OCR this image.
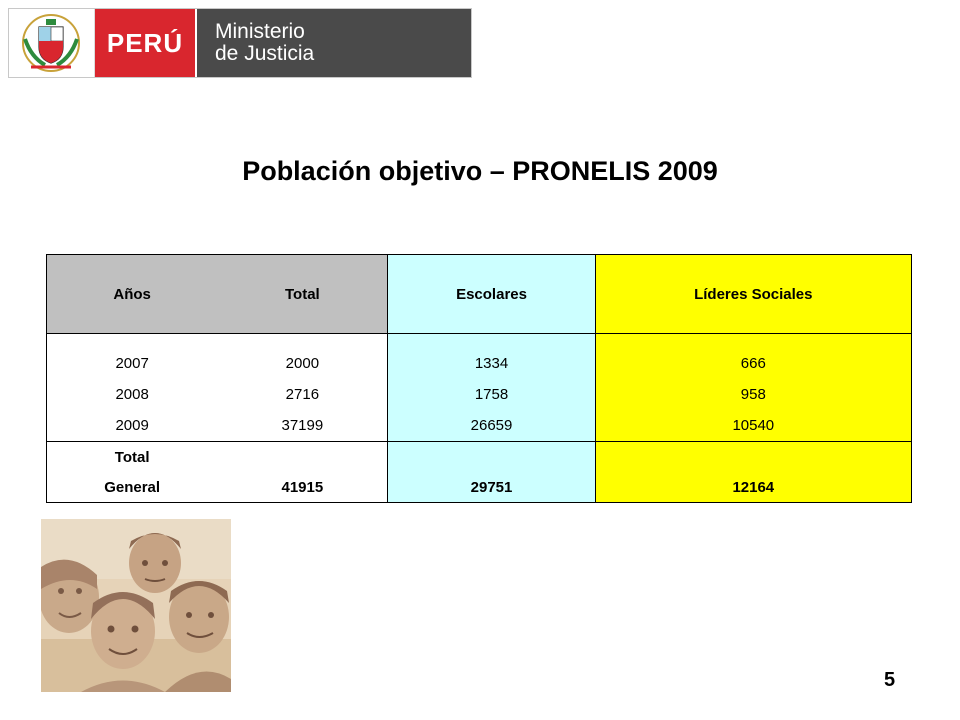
PERÚ	Ministerio
de Justicia
Población objetivo – PRONELIS 2009
Años	Total	Escolares	Líderes Sociales

2007	2000	1334	666
2008	2716	1758	958
2009	37199	26659	10540
Total			
General	41915	29751	12164
5
